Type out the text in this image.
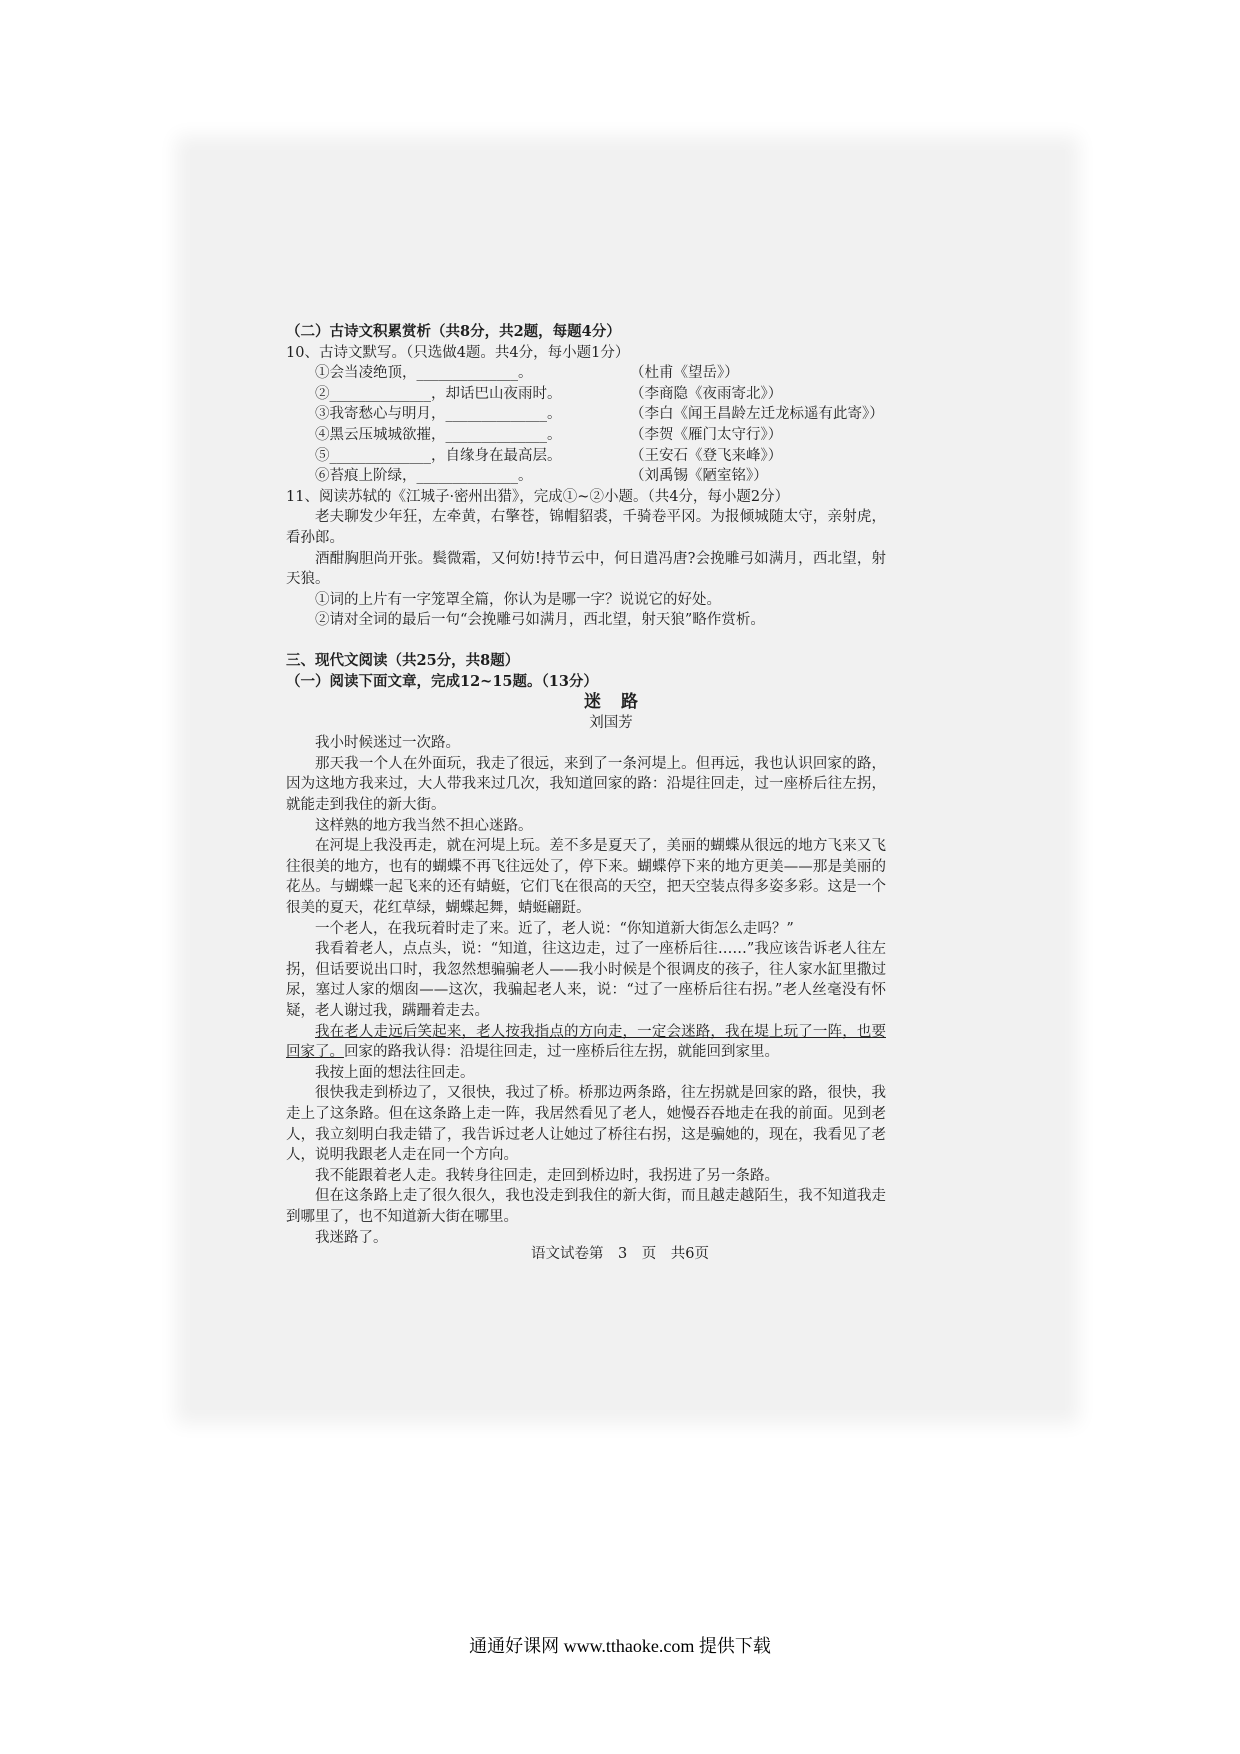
（二）古诗文积累赏析（共8分，共2题，每题4分）
10、古诗文默写。（只选做4题。共4分，每小题1分）
①会当凌绝顶，______________。	（杜甫《望岳》）
②______________，却话巴山夜雨时。	（李商隐《夜雨寄北》）
③我寄愁心与明月，______________。	（李白《闻王昌龄左迁龙标遥有此寄》）
④黑云压城城欲摧，______________。	（李贺《雁门太守行》）
⑤______________，自缘身在最高层。	（王安石《登飞来峰》）
⑥苔痕上阶绿，______________。	（刘禹锡《陋室铭》）
11、阅读苏轼的《江城子·密州出猎》，完成①~②小题。（共4分，每小题2分）

老夫聊发少年狂，左牵黄，右擎苍，锦帽貂裘，千骑卷平冈。为报倾城随太守，亲射虎，看孙郎。

酒酣胸胆尚开张。鬓微霜，又何妨!持节云中，何日遣冯唐?会挽雕弓如满月，西北望，射天狼。

①词的上片有一字笼罩全篇，你认为是哪一字？说说它的好处。
②请对全词的最后一句“会挽雕弓如满月，西北望，射天狼”略作赏析。
三、现代文阅读（共25分，共8题）
（一）阅读下面文章，完成12~15题。（13分）
迷路
刘国芳

我小时候迷过一次路。

那天我一个人在外面玩，我走了很远，来到了一条河堤上。但再远，我也认识回家的路，因为这地方我来过，大人带我来过几次，我知道回家的路：沿堤往回走，过一座桥后往左拐，就能走到我住的新大街。

这样熟的地方我当然不担心迷路。

在河堤上我没再走，就在河堤上玩。差不多是夏天了，美丽的蝴蝶从很远的地方飞来又飞往很美的地方，也有的蝴蝶不再飞往远处了，停下来。蝴蝶停下来的地方更美——那是美丽的花丛。与蝴蝶一起飞来的还有蜻蜓，它们飞在很高的天空，把天空装点得多姿多彩。这是一个很美的夏天，花红草绿，蝴蝶起舞，蜻蜓翩跹。

一个老人，在我玩着时走了来。近了，老人说：“你知道新大街怎么走吗？”

我看着老人，点点头，说：“知道，往这边走，过了一座桥后往……”我应该告诉老人往左拐，但话要说出口时，我忽然想骗骗老人——我小时候是个很调皮的孩子，往人家水缸里撒过尿，塞过人家的烟囱——这次，我骗起老人来，说：“过了一座桥后往右拐。”老人丝毫没有怀疑，老人谢过我，蹒跚着走去。

我在老人走远后笑起来，老人按我指点的方向走，一定会迷路，我在堤上玩了一阵，也要回家了。回家的路我认得：沿堤往回走，过一座桥后往左拐，就能回到家里。

我按上面的想法往回走。

很快我走到桥边了，又很快，我过了桥。桥那边两条路，往左拐就是回家的路，很快，我走上了这条路。但在这条路上走一阵，我居然看见了老人，她慢吞吞地走在我的前面。见到老人，我立刻明白我走错了，我告诉过老人让她过了桥往右拐，这是骗她的，现在，我看见了老人，说明我跟老人走在同一个方向。

我不能跟着老人走。我转身往回走，走回到桥边时，我拐进了另一条路。

但在这条路上走了很久很久，我也没走到我住的新大街，而且越走越陌生，我不知道我走到哪里了，也不知道新大街在哪里。

我迷路了。

语文试卷第　3　页　共6页
通通好课网 www.tthaoke.com 提供下载
